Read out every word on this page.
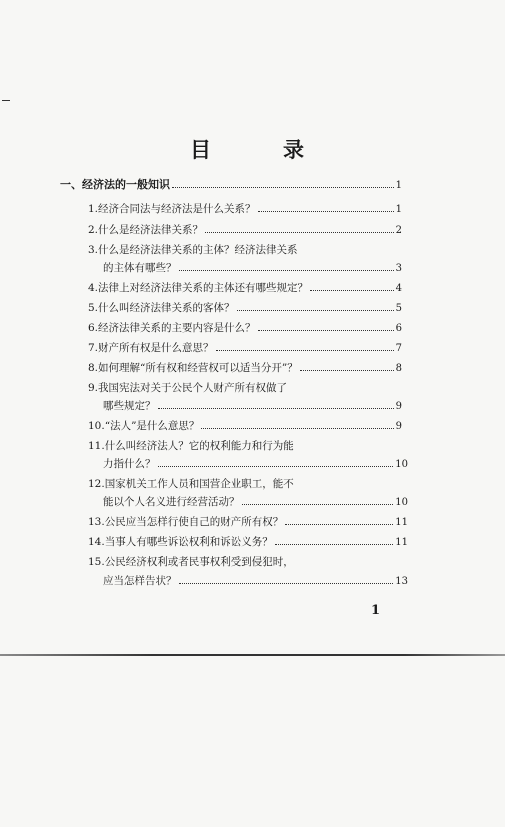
目	录
一、经济法的一般知识	1
1.经济合同法与经济法是什么关系？	1
2.什么是经济法律关系？	2
3.什么是经济法律关系的主体？经济法律关系
的主体有哪些？	3
4.法律上对经济法律关系的主体还有哪些规定？	4
5.什么叫经济法律关系的客体？	5
6.经济法律关系的主要内容是什么？	6
7.财产所有权是什么意思？	7
8.如何理解“所有权和经营权可以适当分开”？	8
9.我国宪法对关于公民个人财产所有权做了
哪些规定？	9
10.“法人”是什么意思？	9
11.什么叫经济法人？它的权利能力和行为能
力指什么？	10
12.国家机关工作人员和国营企业职工，能不
能以个人名义进行经营活动？	10
13.公民应当怎样行使自己的财产所有权？	11
14.当事人有哪些诉讼权利和诉讼义务？	11
15.公民经济权利或者民事权利受到侵犯时，
应当怎样告状？	13
1
